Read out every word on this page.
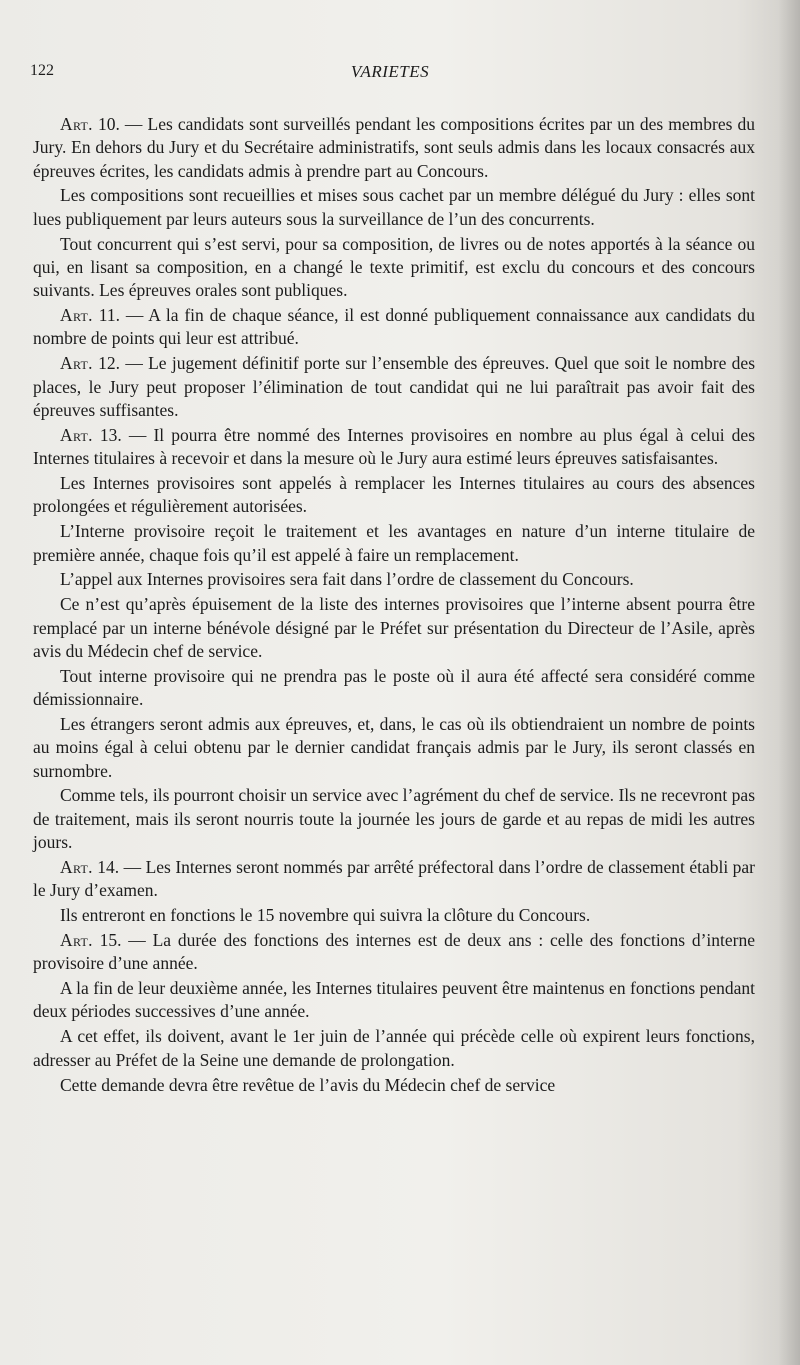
122	VARIETES

Art. 10. — Les candidats sont surveillés pendant les compositions écrites par un des membres du Jury. En dehors du Jury et du Secrétaire administratifs, sont seuls admis dans les locaux consacrés aux épreuves écrites, les candidats admis à prendre part au Concours.

Les compositions sont recueillies et mises sous cachet par un membre délégué du Jury : elles sont lues publiquement par leurs auteurs sous la surveillance de l’un des concurrents.

Tout concurrent qui s’est servi, pour sa composition, de livres ou de notes apportés à la séance ou qui, en lisant sa composition, en a changé le texte primitif, est exclu du concours et des concours suivants. Les épreuves orales sont publiques.

Art. 11. — A la fin de chaque séance, il est donné publiquement connaissance aux candidats du nombre de points qui leur est attribué.

Art. 12. — Le jugement définitif porte sur l’ensemble des épreuves. Quel que soit le nombre des places, le Jury peut proposer l’élimination de tout candidat qui ne lui paraîtrait pas avoir fait des épreuves suffisantes.

Art. 13. — Il pourra être nommé des Internes provisoires en nombre au plus égal à celui des Internes titulaires à recevoir et dans la mesure où le Jury aura estimé leurs épreuves satisfaisantes.

Les Internes provisoires sont appelés à remplacer les Internes titulaires au cours des absences prolongées et régulièrement autorisées.

L’Interne provisoire reçoit le traitement et les avantages en nature d’un interne titulaire de première année, chaque fois qu’il est appelé à faire un remplacement.

L’appel aux Internes provisoires sera fait dans l’ordre de classement du Concours.

Ce n’est qu’après épuisement de la liste des internes provisoires que l’interne absent pourra être remplacé par un interne bénévole désigné par le Préfet sur présentation du Directeur de l’Asile, après avis du Médecin chef de service.

Tout interne provisoire qui ne prendra pas le poste où il aura été affecté sera considéré comme démissionnaire.

Les étrangers seront admis aux épreuves, et, dans, le cas où ils obtiendraient un nombre de points au moins égal à celui obtenu par le dernier candidat français admis par le Jury, ils seront classés en surnombre.

Comme tels, ils pourront choisir un service avec l’agrément du chef de service. Ils ne recevront pas de traitement, mais ils seront nourris toute la journée les jours de garde et au repas de midi les autres jours.

Art. 14. — Les Internes seront nommés par arrêté préfectoral dans l’ordre de classement établi par le Jury d’examen.

Ils entreront en fonctions le 15 novembre qui suivra la clôture du Concours.

Art. 15. — La durée des fonctions des internes est de deux ans : celle des fonctions d’interne provisoire d’une année.

A la fin de leur deuxième année, les Internes titulaires peuvent être maintenus en fonctions pendant deux périodes successives d’une année.

A cet effet, ils doivent, avant le 1er juin de l’année qui précède celle où expirent leurs fonctions, adresser au Préfet de la Seine une demande de prolongation.

Cette demande devra être revêtue de l’avis du Médecin chef de service
